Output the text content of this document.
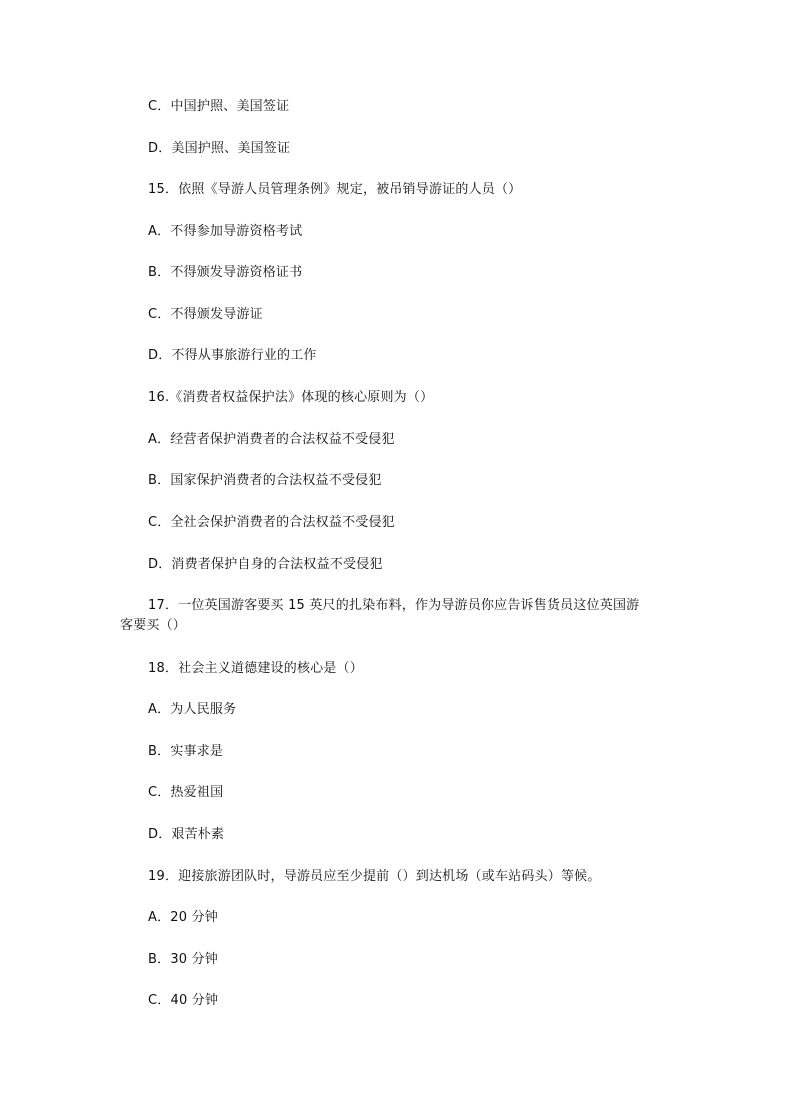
C．中国护照、美国签证
D．美国护照、美国签证
15．依照《导游人员管理条例》规定，被吊销导游证的人员（）
A．不得参加导游资格考试
B．不得颁发导游资格证书
C．不得颁发导游证
D．不得从事旅游行业的工作
16.《消费者权益保护法》体现的核心原则为（）
A．经营者保护消费者的合法权益不受侵犯
B．国家保护消费者的合法权益不受侵犯
C．全社会保护消费者的合法权益不受侵犯
D．消费者保护自身的合法权益不受侵犯
17．一位英国游客要买 15 英尺的扎染布料，作为导游员你应告诉售货员这位英国游
客要买（）
18．社会主义道德建设的核心是（）
A．为人民服务
B．实事求是
C．热爱祖国
D．艰苦朴素
19．迎接旅游团队时，导游员应至少提前（）到达机场（或车站码头）等候。
A．20 分钟
B．30 分钟
C．40 分钟
